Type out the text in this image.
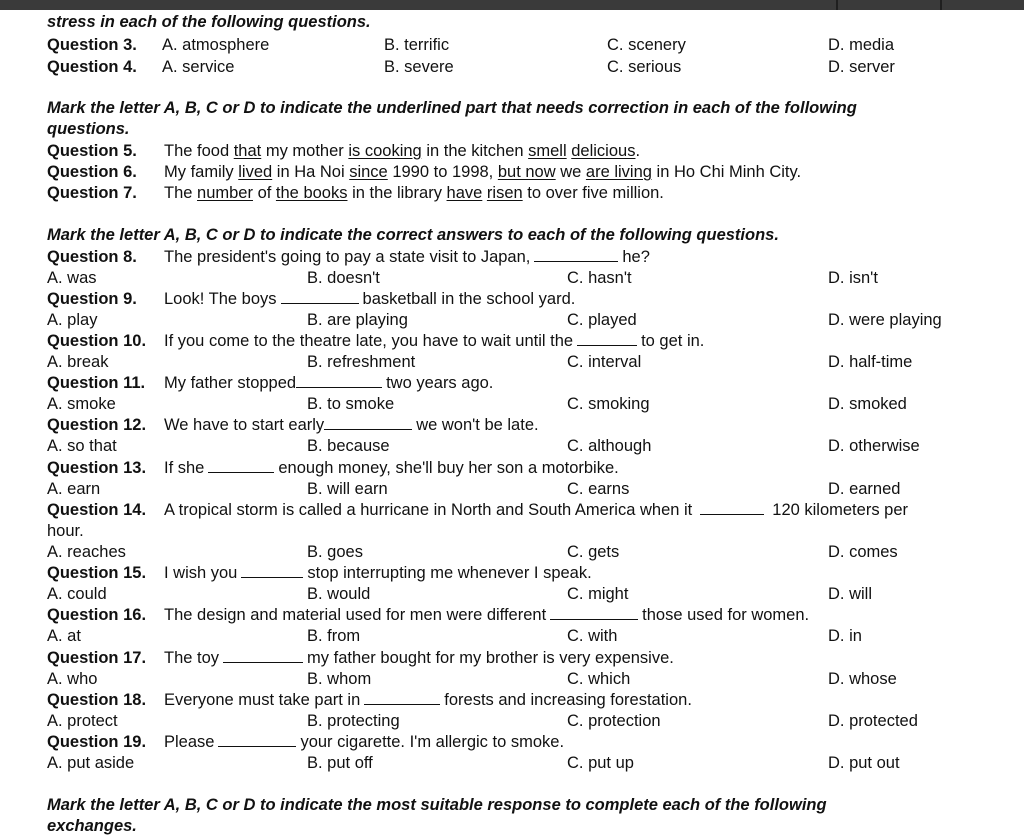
stress in each of the following questions.
Question 3. A. atmosphere	B. terrific	C. scenery	D. media
Question 4. A. service	B. severe	C. serious	D. server
Mark the letter A, B, C or D to indicate the underlined part that needs correction in each of the following
questions.
Question 5. The food that my mother is cooking in the kitchen smell delicious.
Question 6. My family lived in Ha Noi since 1990 to 1998, but now we are living in Ho Chi Minh City.
Question 7. The number of the books in the library have risen to over five million.
Mark the letter A, B, C or D to indicate the correct answers to each of the following questions.
Question 8. The president's going to pay a state visit to Japan,	he?
A. was	B. doesn't	C. hasn't	D. isn't
Question 9. Look! The boys	basketball in the school yard.
A. play	B. are playing	C. played	D. were playing
Question 10. If you come to the theatre late, you have to wait until the	to get in.
A. break	B. refreshment	C. interval	D. half-time
Question 11. My father stopped	two years ago.
A. smoke	B. to smoke	C. smoking	D. smoked
Question 12. We have to start early	we won't be late.
A. so that	B. because	C. although	D. otherwise
Question 13. If she	enough money, she'll buy her son a motorbike.
A. earn	B. will earn	C. earns	D. earned
Question 14. A tropical storm is called a hurricane in North and South America when it	120 kilometers per
hour.
A. reaches	B. goes	C. gets	D. comes
Question 15. I wish you	stop interrupting me whenever I speak.
A. could	B. would	C. might	D. will
Question 16. The design and material used for men were different	those used for women.
A. at	B. from	C. with	D. in
Question 17. The toy	my father bought for my brother is very expensive.
A. who	B. whom	C. which	D. whose
Question 18. Everyone must take part in	forests and increasing forestation.
A. protect	B. protecting	C. protection	D. protected
Question 19. Please	your cigarette. I'm allergic to smoke.
A. put aside	B. put off	C. put up	D. put out
Mark the letter A, B, C or D to indicate the most suitable response to complete each of the following
exchanges.
